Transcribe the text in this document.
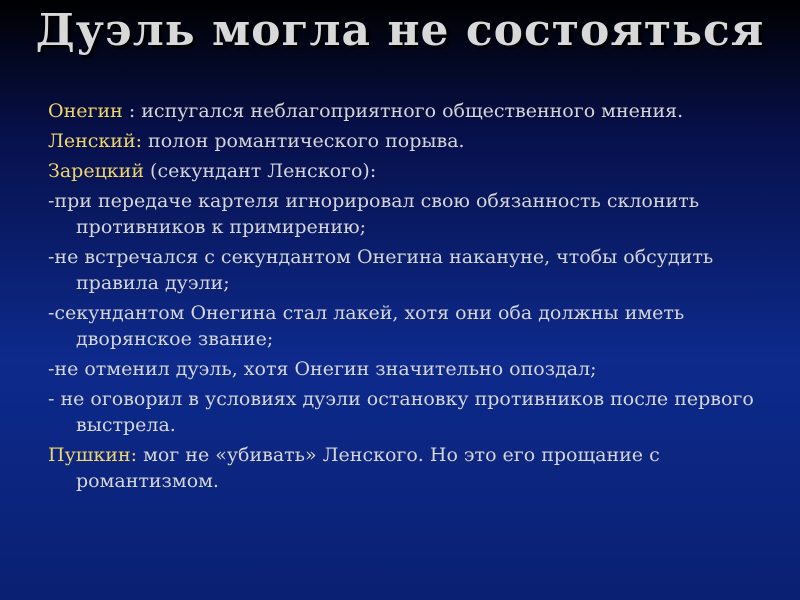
Дуэль могла не состояться

Онегин : испугался неблагоприятного общественного мнения.

Ленский: полон романтического порыва.

Зарецкий (секундант Ленского):

-при передаче картеля игнорировал свою обязанность склонить противников к примирению;

-не встречался с секундантом Онегина накануне, чтобы обсудить правила дуэли;

-секундантом Онегина стал лакей, хотя они оба должны иметь дворянское звание;

-не отменил дуэль, хотя Онегин значительно опоздал;

- не оговорил в условиях дуэли остановку противников после первого выстрела.

Пушкин: мог не «убивать» Ленского. Но это его прощание с романтизмом.
